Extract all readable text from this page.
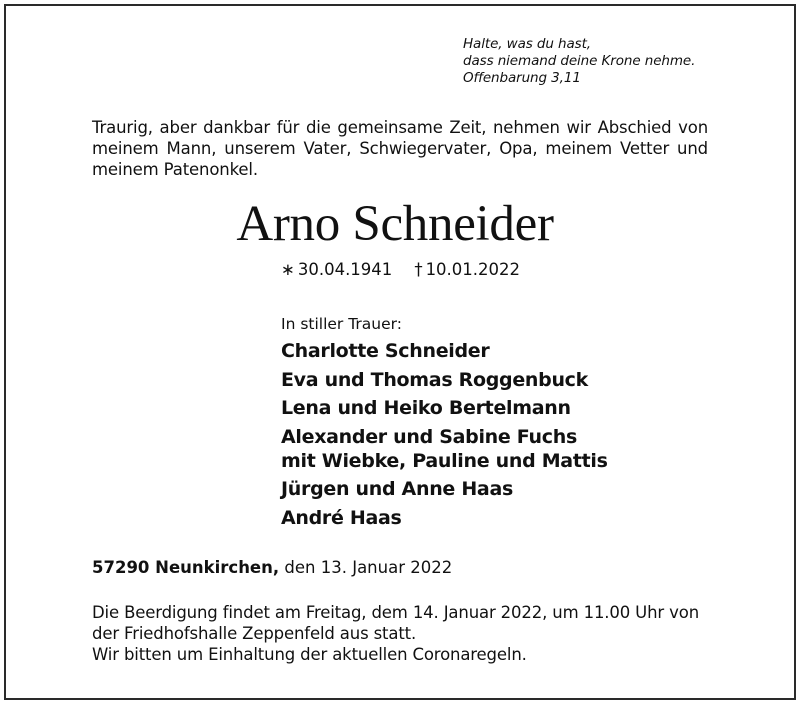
Halte, was du hast,
dass niemand deine Krone nehme.
Offenbarung 3,11
Traurig, aber dankbar für die gemeinsame Zeit, nehmen wir Abschied von
meinem Mann, unserem Vater, Schwiegervater, Opa, meinem Vetter und
meinem Patenonkel.
Arno Schneider
∗ 30.04.1941 † 10.01.2022
In stiller Trauer:
Charlotte Schneider
Eva und Thomas Roggenbuck
Lena und Heiko Bertelmann
Alexander und Sabine Fuchs
mit Wiebke, Pauline und Mattis
Jürgen und Anne Haas
André Haas
57290 Neunkirchen, den 13. Januar 2022
Die Beerdigung findet am Freitag, dem 14. Januar 2022, um 11.00 Uhr von
der Friedhofshalle Zeppenfeld aus statt.
Wir bitten um Einhaltung der aktuellen Coronaregeln.
